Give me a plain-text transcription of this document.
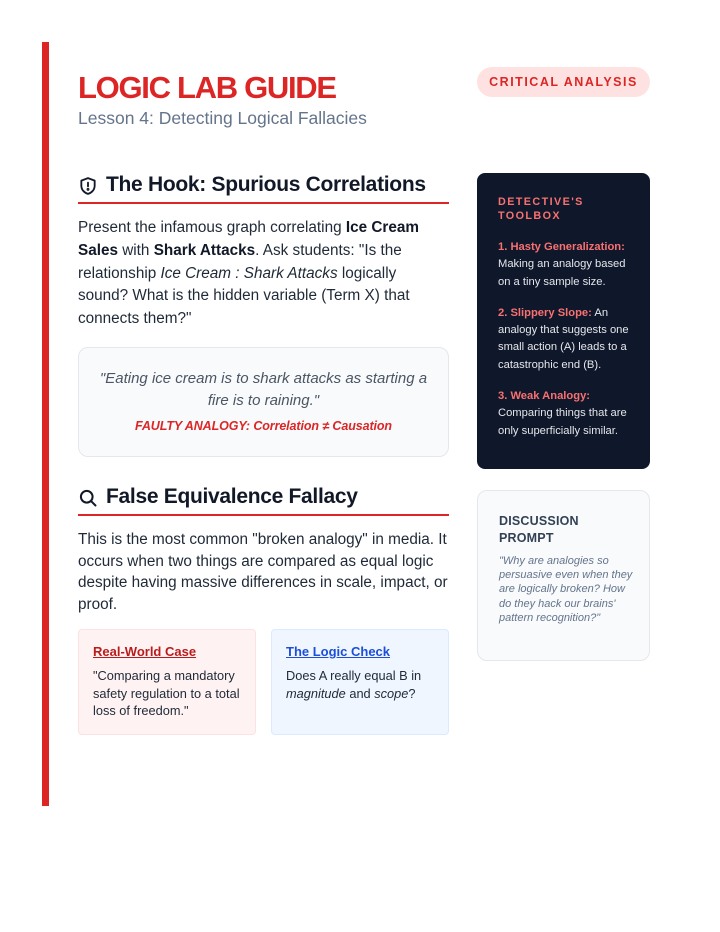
LOGIC LAB GUIDE
Lesson 4: Detecting Logical Fallacies
CRITICAL ANALYSIS
The Hook: Spurious Correlations

Present the infamous graph correlating Ice Cream Sales with Shark Attacks. Ask students: "Is the relationship Ice Cream : Shark Attacks logically sound? What is the hidden variable (Term X) that connects them?"

"Eating ice cream is to shark attacks as starting a fire is to raining."
FAULTY ANALOGY: Correlation ≠ Causation
False Equivalence Fallacy

This is the most common "broken analogy" in media. It occurs when two things are compared as equal logic despite having massive differences in scale, impact, or proof.

Real-World Case
"Comparing a mandatory safety regulation to a total loss of freedom."
The Logic Check
Does A really equal B in magnitude and scope?
DETECTIVE'S TOOLBOX
1. Hasty Generalization: Making an analogy based on a tiny sample size.
2. Slippery Slope: An analogy that suggests one small action (A) leads to a catastrophic end (B).
3. Weak Analogy: Comparing things that are only superficially similar.
DISCUSSION PROMPT
"Why are analogies so persuasive even when they are logically broken? How do they hack our brains' pattern recognition?"
